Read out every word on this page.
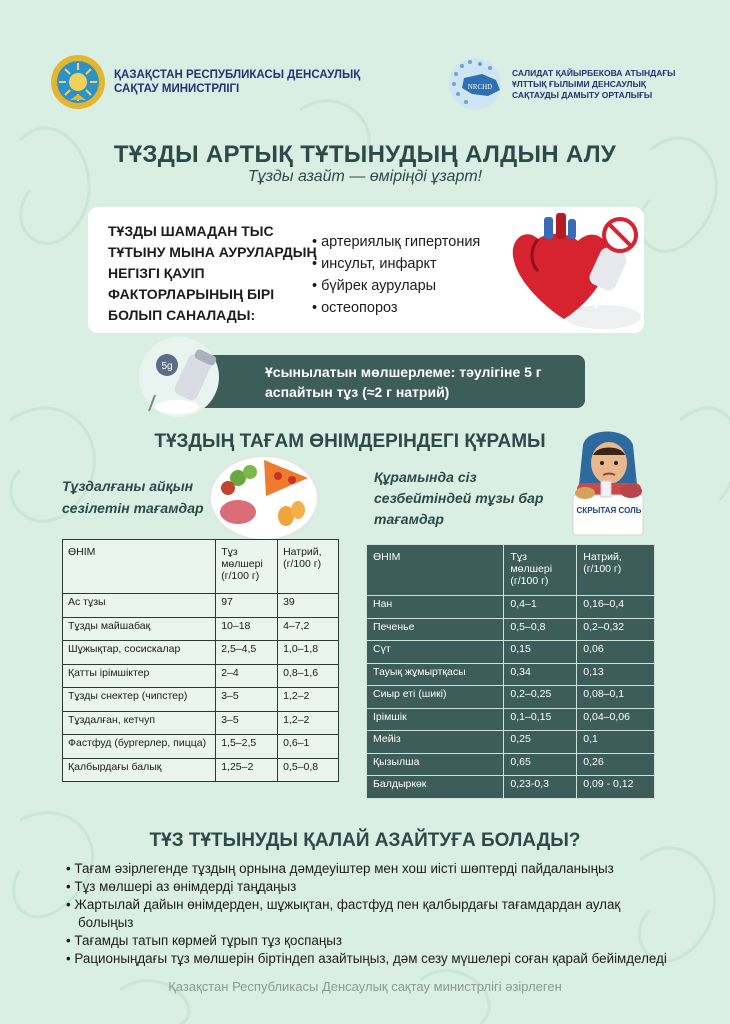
ҚАЗАҚСТАН РЕСПУБЛИКАСЫ ДЕНСАУЛЫҚ САҚТАУ МИНИСТРЛІГІ	NRCHD
САЛИДАТ ҚАЙЫРБЕКОВА АТЫНДАҒЫ ҰЛТТЫҚ ҒЫЛЫМИ ДЕНСАУЛЫҚ САҚТАУДЫ ДАМЫТУ ОРТАЛЫҒЫ
ТҰЗДЫ АРТЫҚ ТҰТЫНУДЫҢ АЛДЫН АЛУ
Тұзды азайт — өміріңді ұзарт!
ТҰЗДЫ ШАМАДАН ТЫС ТҰТЫНУ МЫНА АУРУЛАРДЫҢ НЕГІЗГІ ҚАУІП ФАКТОРЛАРЫНЫҢ БІРІ БОЛЫП САНАЛАДЫ:
• артериялық гипертония
• инсульт, инфаркт
• бүйрек аурулары
• остеопороз
Ұсынылатын мөлшерлеме: тәулігіне 5 г аспайтын тұз (≈2 г натрий)
5g
ТҰЗДЫҢ ТАҒАМ ӨНІМДЕРІНДЕГІ ҚҰРАМЫ
Тұздалғаны айқын сезілетін тағамдар
Құрамында сіз сезбейтіндей тұзы бар тағамдар
СКРЫТАЯ СОЛЬ
ӨНІМ	Тұз мөлшері (г/100 г)	Натрий, (г/100 г)
Ас тұзы	97	39
Тұзды майшабақ	10–18	4–7,2
Шұжықтар, сосискалар	2,5–4,5	1,0–1,8
Қатты ірімшіктер	2–4	0,8–1,6
Тұзды снектер (чипстер)	3–5	1,2–2
Тұздалған, кетчуп	3–5	1,2–2
Фастфуд (бургерлер, пицца)	1,5–2,5	0,6–1
Қалбырдағы балық	1,25–2	0,5–0,8
ӨНІМ	Тұз мөлшері (г/100 г)	Натрий, (г/100 г)
Нан	0,4–1	0,16–0,4
Печенье	0,5–0,8	0,2–0,32
Сүт	0,15	0,06
Тауық жұмыртқасы	0,34	0,13
Сиыр еті (шикі)	0,2–0,25	0,08–0,1
Ірімшік	0,1–0,15	0,04–0,06
Мейіз	0,25	0,1
Қызылша	0,65	0,26
Балдыркөк	0,23-0,3	0,09 - 0,12
ТҰЗ ТҰТЫНУДЫ ҚАЛАЙ АЗАЙТУҒА БОЛАДЫ?
• Тағам әзірлегенде тұздың орнына дәмдеуіштер мен хош иісті шөптерді пайдаланыңыз
• Тұз мөлшері аз өнімдерді таңдаңыз
• Жартылай дайын өнімдерден, шұжықтан, фастфуд пен қалбырдағы тағамдардан аулақ болыңыз
• Тағамды татып көрмей тұрып тұз қоспаңыз
• Рационыңдағы тұз мөлшерін біртіндеп азайтыңыз, дәм сезу мүшелері соған қарай бейімделеді
Қазақстан Республикасы Денсаулық сақтау министрлігі әзірлеген
